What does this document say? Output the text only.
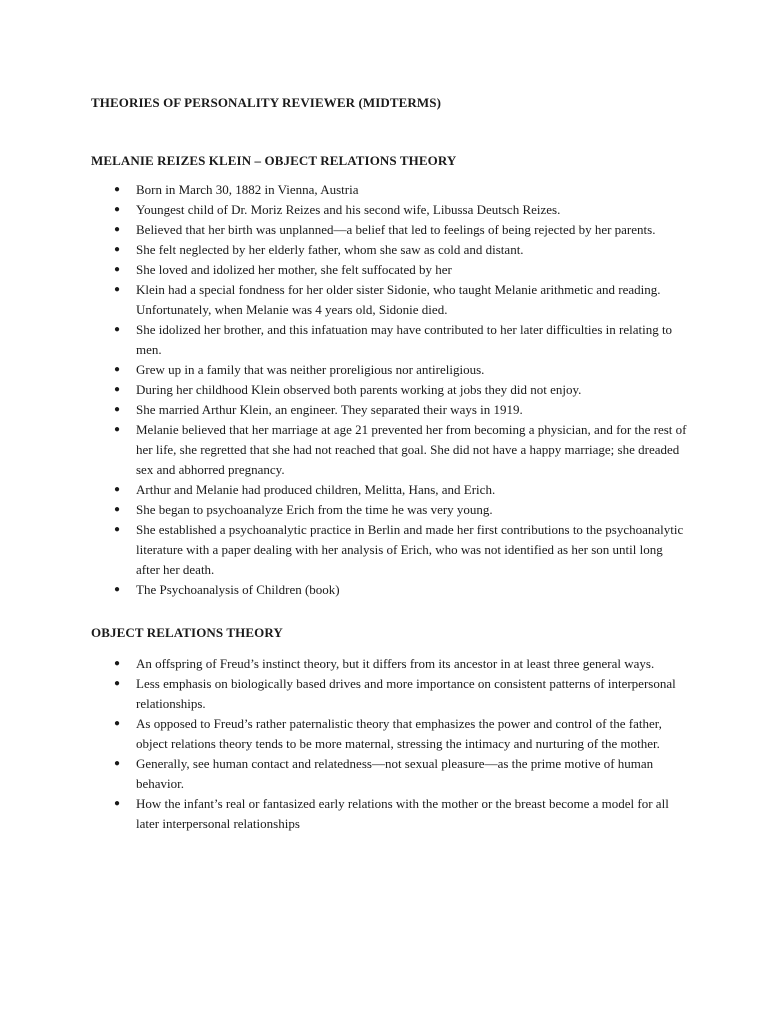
THEORIES OF PERSONALITY REVIEWER (MIDTERMS)
MELANIE REIZES KLEIN – OBJECT RELATIONS THEORY
● Born in March 30, 1882 in Vienna, Austria
● Youngest child of Dr. Moriz Reizes and his second wife, Libussa Deutsch Reizes.
● Believed that her birth was unplanned—a belief that led to feelings of being rejected by her parents.
● She felt neglected by her elderly father, whom she saw as cold and distant.
● She loved and idolized her mother, she felt suffocated by her
● Klein had a special fondness for her older sister Sidonie, who taught Melanie arithmetic and reading. Unfortunately, when Melanie was 4 years old, Sidonie died.
● She idolized her brother, and this infatuation may have contributed to her later difficulties in relating to men.
● Grew up in a family that was neither proreligious nor antireligious.
● During her childhood Klein observed both parents working at jobs they did not enjoy.
● She married Arthur Klein, an engineer. They separated their ways in 1919.
● Melanie believed that her marriage at age 21 prevented her from becoming a physician, and for the rest of her life, she regretted that she had not reached that goal. She did not have a happy marriage; she dreaded sex and abhorred pregnancy.
● Arthur and Melanie had produced children, Melitta, Hans, and Erich.
● She began to psychoanalyze Erich from the time he was very young.
● She established a psychoanalytic practice in Berlin and made her first contributions to the psychoanalytic literature with a paper dealing with her analysis of Erich, who was not identified as her son until long after her death.
● The Psychoanalysis of Children (book)
OBJECT RELATIONS THEORY
● An offspring of Freud’s instinct theory, but it differs from its ancestor in at least three general ways.
● Less emphasis on biologically based drives and more importance on consistent patterns of interpersonal relationships.
● As opposed to Freud’s rather paternalistic theory that emphasizes the power and control of the father, object relations theory tends to be more maternal, stressing the intimacy and nurturing of the mother.
● Generally, see human contact and relatedness—not sexual pleasure—as the prime motive of human behavior.
● How the infant’s real or fantasized early relations with the mother or the breast become a model for all later interpersonal relationships
